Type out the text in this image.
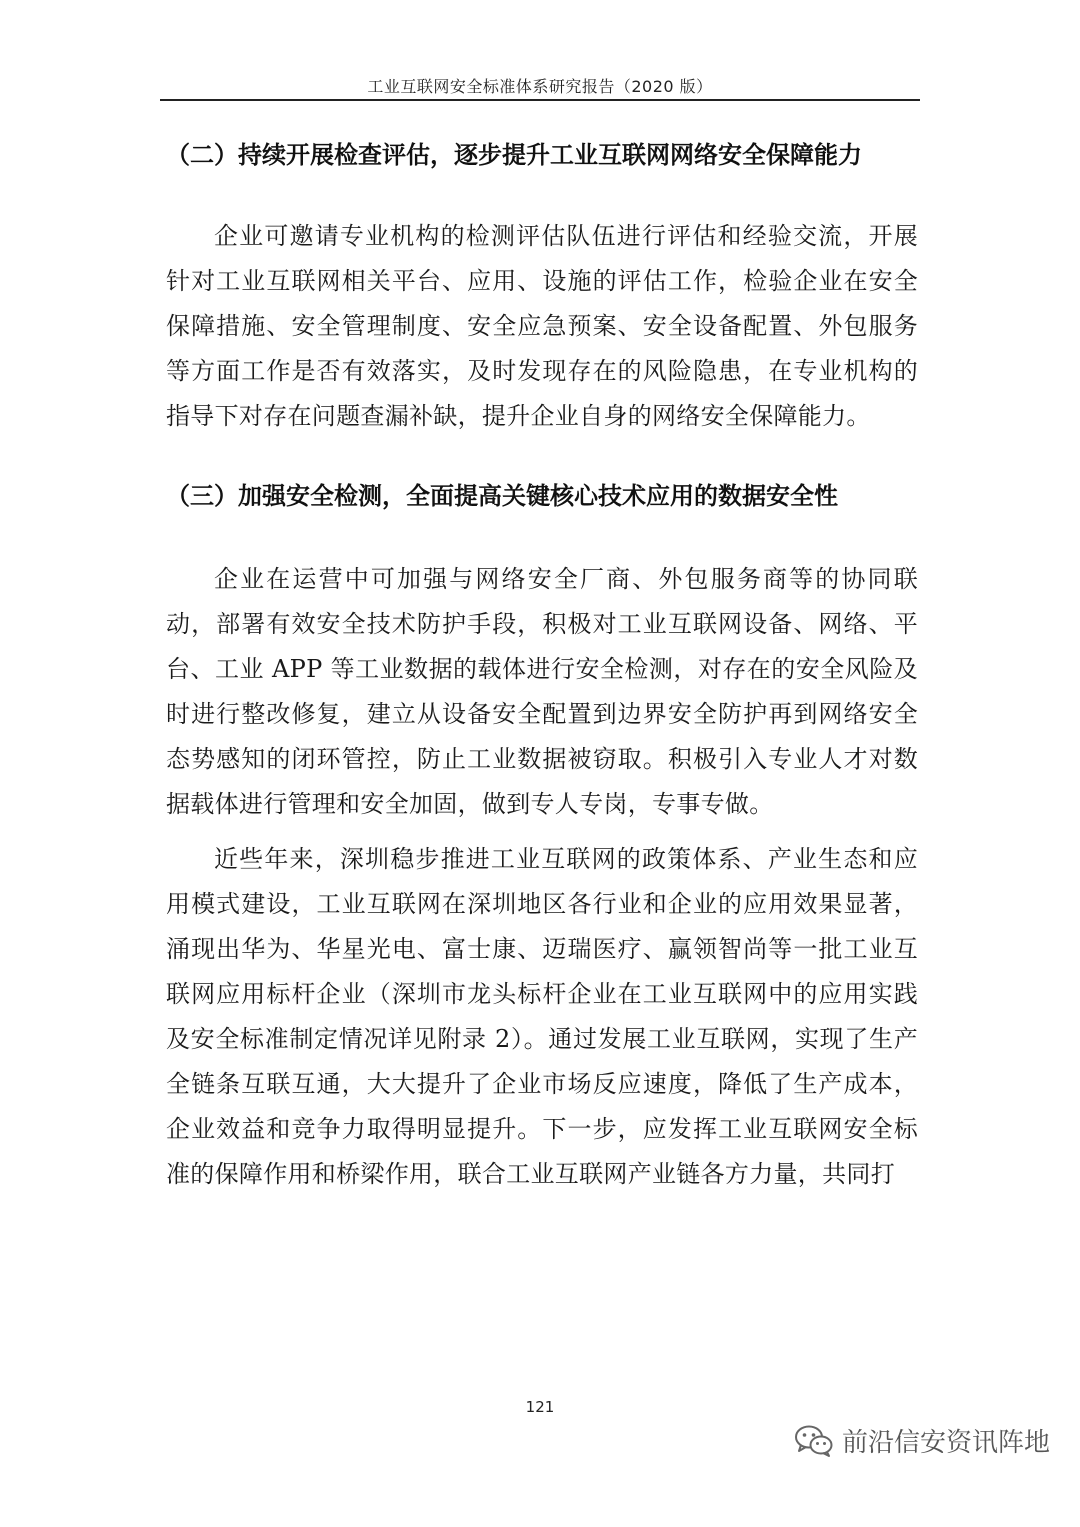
工业互联网安全标准体系研究报告（2020 版）
（二）持续开展检查评估，逐步提升工业互联网网络安全保障能力

企业可邀请专业机构的检测评估队伍进行评估和经验交流，开展针对工业互联网相关平台、应用、设施的评估工作，检验企业在安全保障措施、安全管理制度、安全应急预案、安全设备配置、外包服务等方面工作是否有效落实，及时发现存在的风险隐患，在专业机构的指导下对存在问题查漏补缺，提升企业自身的网络安全保障能力。

（三）加强安全检测，全面提高关键核心技术应用的数据安全性

企业在运营中可加强与网络安全厂商、外包服务商等的协同联动，部署有效安全技术防护手段，积极对工业互联网设备、网络、平台、工业 APP 等工业数据的载体进行安全检测，对存在的安全风险及时进行整改修复，建立从设备安全配置到边界安全防护再到网络安全态势感知的闭环管控，防止工业数据被窃取。积极引入专业人才对数据载体进行管理和安全加固，做到专人专岗，专事专做。

近些年来，深圳稳步推进工业互联网的政策体系、产业生态和应用模式建设，工业互联网在深圳地区各行业和企业的应用效果显著，涌现出华为、华星光电、富士康、迈瑞医疗、赢领智尚等一批工业互联网应用标杆企业（深圳市龙头标杆企业在工业互联网中的应用实践及安全标准制定情况详见附录 2）。通过发展工业互联网，实现了生产全链条互联互通，大大提升了企业市场反应速度，降低了生产成本，企业效益和竞争力取得明显提升。下一步，应发挥工业互联网安全标准的保障作用和桥梁作用，联合工业互联网产业链各方力量，共同打

121
前沿信安资讯阵地
